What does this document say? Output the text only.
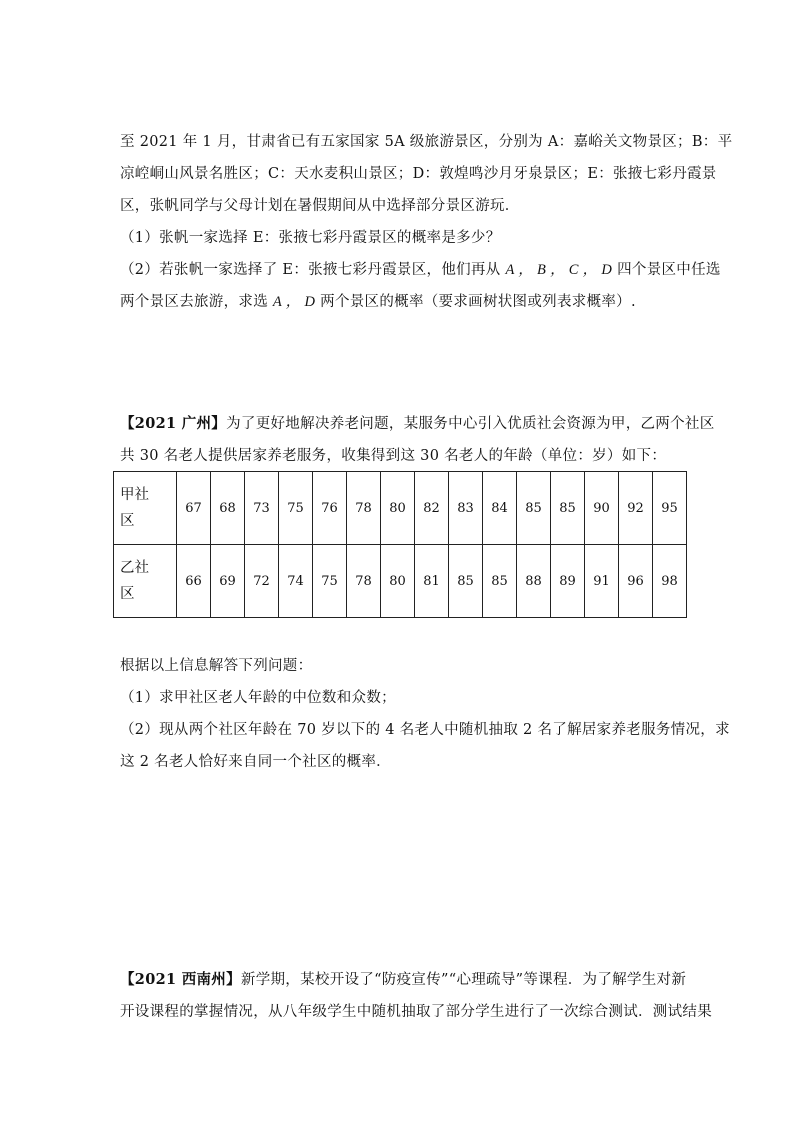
至 2021 年 1 月，甘肃省已有五家国家 5A 级旅游景区，分别为 A：嘉峪关文物景区；B：平
凉崆峒山风景名胜区；C：天水麦积山景区；D：敦煌鸣沙月牙泉景区；E：张掖七彩丹霞景
区，张帆同学与父母计划在暑假期间从中选择部分景区游玩．
（1）张帆一家选择 E：张掖七彩丹霞景区的概率是多少？
（2）若张帆一家选择了 E：张掖七彩丹霞景区，他们再从 A ， B ， C ， D 四个景区中任选
两个景区去旅游，求选 A ， D 两个景区的概率（要求画树状图或列表求概率）.
【2021 广州】为了更好地解决养老问题，某服务中心引入优质社会资源为甲，乙两个社区
共 30 名老人提供居家养老服务，收集得到这 30 名老人的年龄（单位：岁）如下：
甲社
区	67	68	73	75	76	78	80	82	83	84	85	85	90	92	95

乙社
区	66	69	72	74	75	78	80	81	85	85	88	89	91	96	98
根据以上信息解答下列问题：
（1）求甲社区老人年龄的中位数和众数；
（2）现从两个社区年龄在 70 岁以下的 4 名老人中随机抽取 2 名了解居家养老服务情况，求
这 2 名老人恰好来自同一个社区的概率．
【2021 西南州】新学期，某校开设了“防疫宣传”“心理疏导”等课程．为了解学生对新
开设课程的掌握情况，从八年级学生中随机抽取了部分学生进行了一次综合测试．测试结果
